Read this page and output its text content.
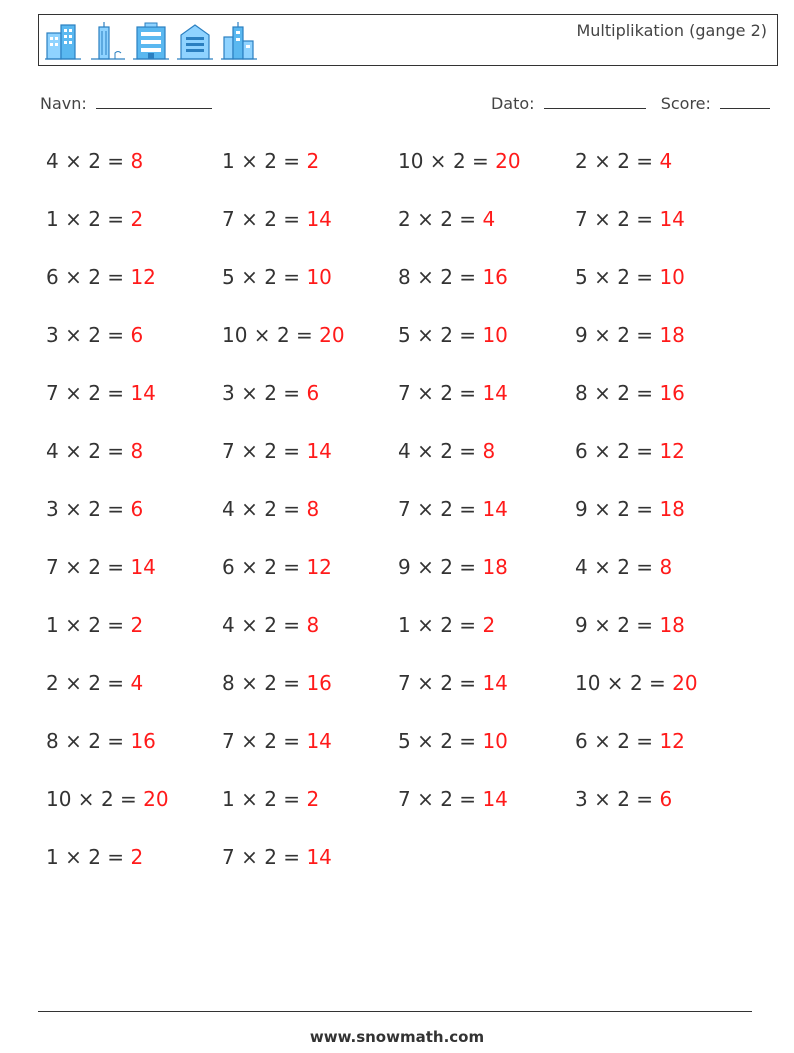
Multiplikation (gange 2)
Navn:	Dato:	Score:
4 × 2 = 8	1 × 2 = 2	10 × 2 = 20	2 × 2 = 4
1 × 2 = 2	7 × 2 = 14	2 × 2 = 4	7 × 2 = 14
6 × 2 = 12	5 × 2 = 10	8 × 2 = 16	5 × 2 = 10
3 × 2 = 6	10 × 2 = 20	5 × 2 = 10	9 × 2 = 18
7 × 2 = 14	3 × 2 = 6	7 × 2 = 14	8 × 2 = 16
4 × 2 = 8	7 × 2 = 14	4 × 2 = 8	6 × 2 = 12
3 × 2 = 6	4 × 2 = 8	7 × 2 = 14	9 × 2 = 18
7 × 2 = 14	6 × 2 = 12	9 × 2 = 18	4 × 2 = 8
1 × 2 = 2	4 × 2 = 8	1 × 2 = 2	9 × 2 = 18
2 × 2 = 4	8 × 2 = 16	7 × 2 = 14	10 × 2 = 20
8 × 2 = 16	7 × 2 = 14	5 × 2 = 10	6 × 2 = 12
10 × 2 = 20	1 × 2 = 2	7 × 2 = 14	3 × 2 = 6
1 × 2 = 2	7 × 2 = 14
www.snowmath.com
